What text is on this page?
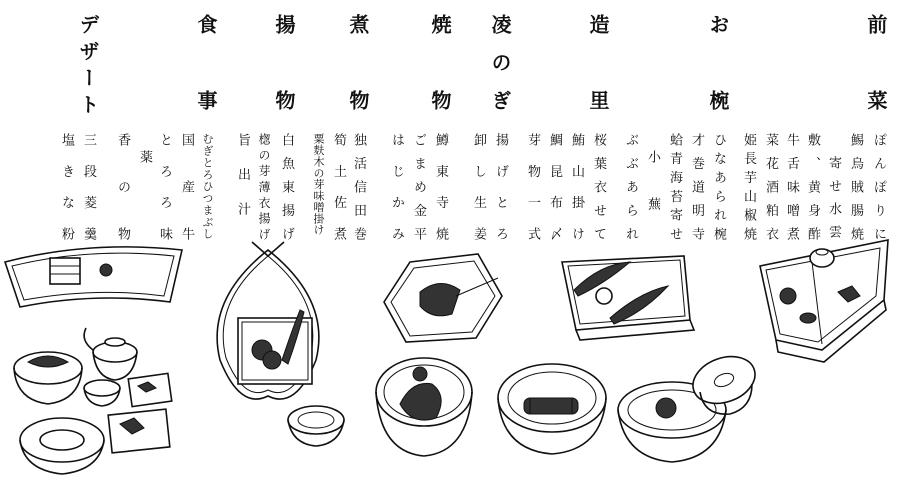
前菜
ぽんぽりに
鯣烏賊腸焼
寄せ水雲
敷、黄身酢
牛舌味噌煮
菜花酒粕衣
姫長芋山椒焼
お椀
ひなあられ椀
才巻道明寺
蛤青海苔寄せ
小蕪
ぶぶあられ
造里
桜葉衣せて
鮪山掛け
鯛昆布〆
芽物一式
凌のぎ
揚げとろ
卸し生姜
焼物
鱒東寺焼
ごまめ金平
はじかみ
煮物
独活信田巻
筍土佐煮
粟麩木の芽味噌掛け
揚物
白魚東揚げ
楤の芽薄衣揚げ
旨出汁
食事
むぎとろひつまぶし
国産牛
とろろ味
薬
香の物
デザート
三段菱羹
塩きな粉
